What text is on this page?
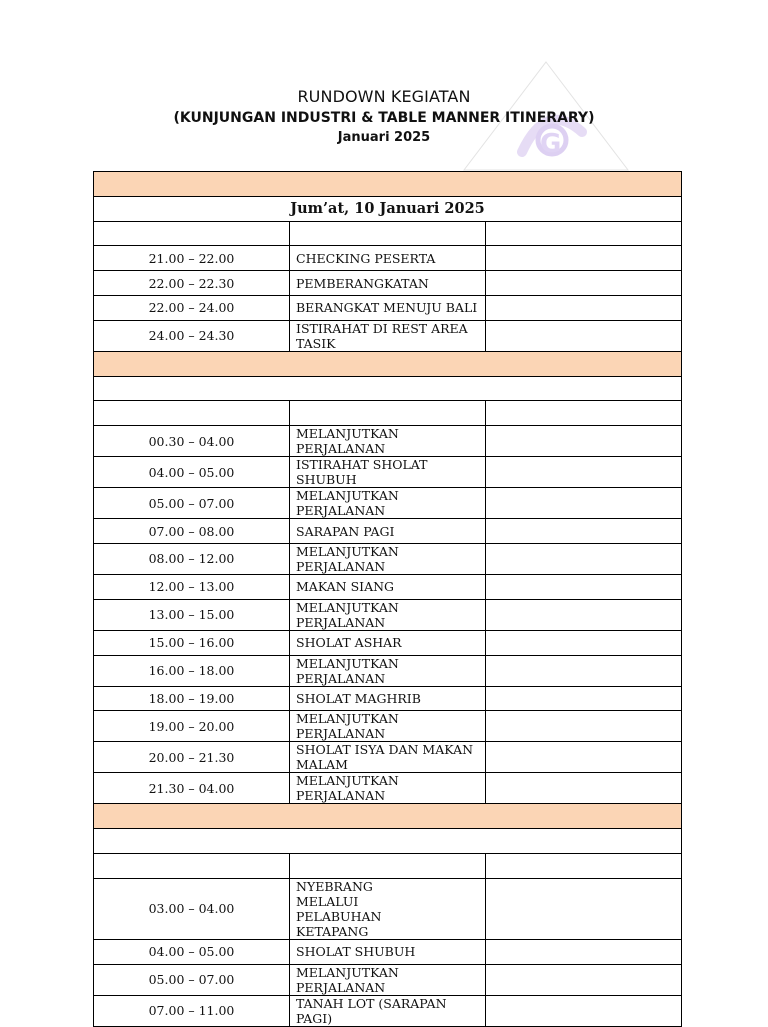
G
RUNDOWN KEGIATAN
(KUNJUNGAN INDUSTRI & TABLE MANNER ITINERARY)
Januari 2025

Jum’at, 10 Januari 2025		

21.00 – 22.00	CHECKING PESERTA	
22.00 – 22.30	PEMBERANGKATAN	
22.00 – 24.00	BERANGKAT MENUJU BALI	
24.00 – 24.30	ISTIRAHAT DI REST AREA TASIK	

00.30 – 04.00	MELANJUTKAN PERJALANAN	
04.00 – 05.00	ISTIRAHAT SHOLAT SHUBUH	
05.00 – 07.00	MELANJUTKAN PERJALANAN	
07.00 – 08.00	SARAPAN PAGI	
08.00 – 12.00	MELANJUTKAN PERJALANAN	
12.00 – 13.00	MAKAN SIANG	
13.00 – 15.00	MELANJUTKAN PERJALANAN	
15.00 – 16.00	SHOLAT ASHAR	
16.00 – 18.00	MELANJUTKAN PERJALANAN	
18.00 – 19.00	SHOLAT MAGHRIB	
19.00 – 20.00	MELANJUTKAN PERJALANAN	
20.00 – 21.30	SHOLAT ISYA DAN MAKAN MALAM	
21.30 – 04.00	MELANJUTKAN PERJALANAN	

03.00 – 04.00	NYEBRANG MELALUI PELABUHAN KETAPANG	
04.00 – 05.00	SHOLAT SHUBUH	
05.00 – 07.00	MELANJUTKAN PERJALANAN	
07.00 – 11.00	TANAH LOT (SARAPAN PAGI)	
